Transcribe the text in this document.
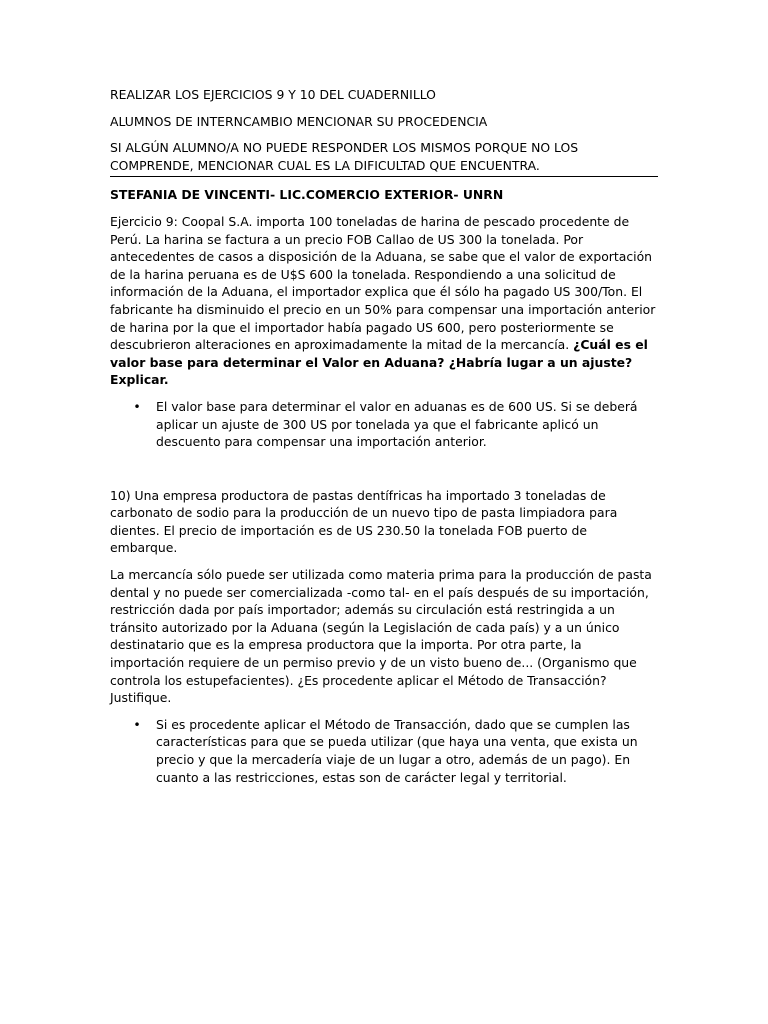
REALIZAR LOS EJERCICIOS 9 Y 10 DEL CUADERNILLO

ALUMNOS DE INTERNCAMBIO MENCIONAR SU PROCEDENCIA

SI ALGÚN ALUMNO/A NO PUEDE RESPONDER LOS MISMOS PORQUE NO LOS COMPRENDE, MENCIONAR CUAL ES LA DIFICULTAD QUE ENCUENTRA.

STEFANIA DE VINCENTI- LIC.COMERCIO EXTERIOR- UNRN

Ejercicio 9: Coopal S.A. importa 100 toneladas de harina de pescado procedente de Perú. La harina se factura a un precio FOB Callao de US 300 la tonelada. Por antecedentes de casos a disposición de la Aduana, se sabe que el valor de exportación de la harina peruana es de U$S 600 la tonelada. Respondiendo a una solicitud de información de la Aduana, el importador explica que él sólo ha pagado US 300/Ton. El fabricante ha disminuido el precio en un 50% para compensar una importación anterior de harina por la que el importador había pagado US 600, pero posteriormente se descubrieron alteraciones en aproximadamente la mitad de la mercancía. ¿Cuál es el valor base para determinar el Valor en Aduana? ¿Habría lugar a un ajuste? Explicar.

• El valor base para determinar el valor en aduanas es de 600 US. Si se deberá aplicar un ajuste de 300 US por tonelada ya que el fabricante aplicó un descuento para compensar una importación anterior.

10) Una empresa productora de pastas dentífricas ha importado 3 toneladas de carbonato de sodio para la producción de un nuevo tipo de pasta limpiadora para dientes. El precio de importación es de US 230.50 la tonelada FOB puerto de embarque.

La mercancía sólo puede ser utilizada como materia prima para la producción de pasta dental y no puede ser comercializada -como tal- en el país después de su importación, restricción dada por país importador; además su circulación está restringida a un tránsito autorizado por la Aduana (según la Legislación de cada país) y a un único destinatario que es la empresa productora que la importa. Por otra parte, la importación requiere de un permiso previo y de un visto bueno de... (Organismo que controla los estupefacientes). ¿Es procedente aplicar el Método de Transacción? Justifique.

• Si es procedente aplicar el Método de Transacción, dado que se cumplen las características para que se pueda utilizar (que haya una venta, que exista un precio y que la mercadería viaje de un lugar a otro, además de un pago). En cuanto a las restricciones, estas son de carácter legal y territorial.
